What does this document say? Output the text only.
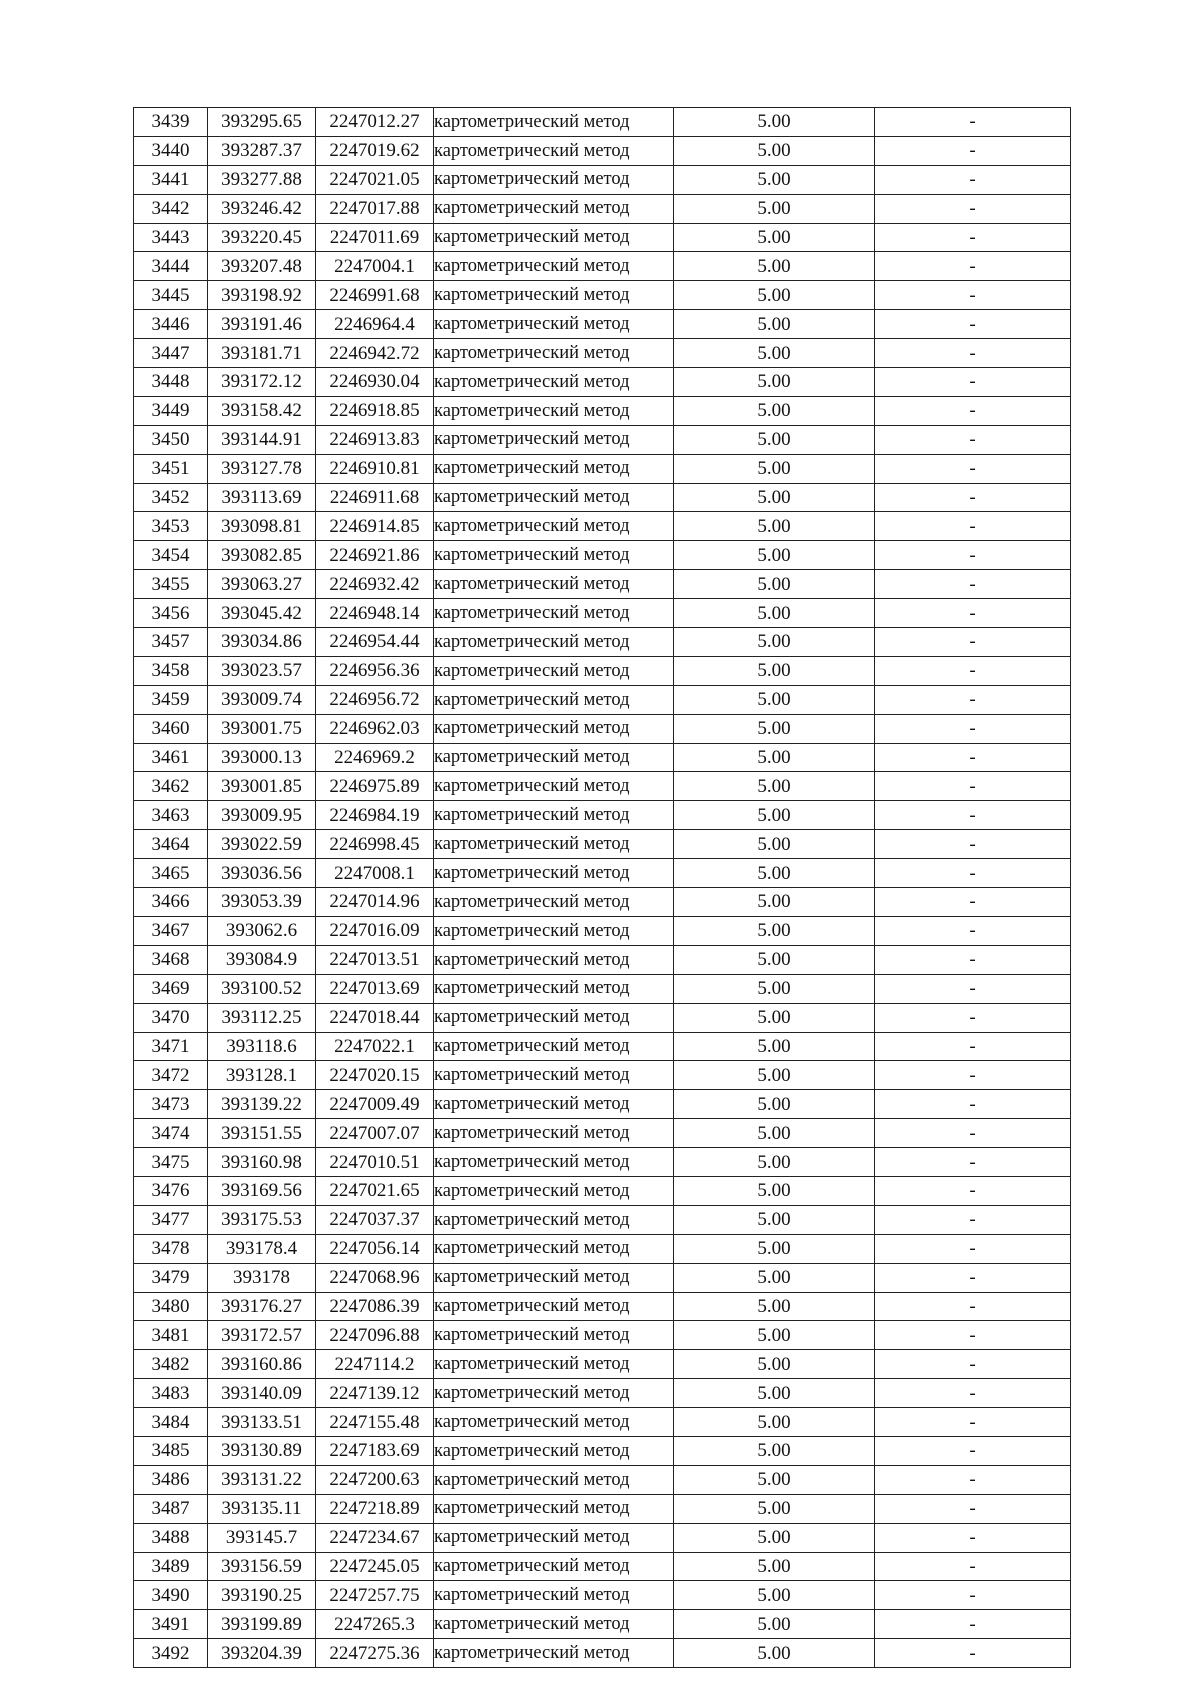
3439	393295.65	2247012.27	картометрический метод	5.00	-
3440	393287.37	2247019.62	картометрический метод	5.00	-
3441	393277.88	2247021.05	картометрический метод	5.00	-
3442	393246.42	2247017.88	картометрический метод	5.00	-
3443	393220.45	2247011.69	картометрический метод	5.00	-
3444	393207.48	2247004.1	картометрический метод	5.00	-
3445	393198.92	2246991.68	картометрический метод	5.00	-
3446	393191.46	2246964.4	картометрический метод	5.00	-
3447	393181.71	2246942.72	картометрический метод	5.00	-
3448	393172.12	2246930.04	картометрический метод	5.00	-
3449	393158.42	2246918.85	картометрический метод	5.00	-
3450	393144.91	2246913.83	картометрический метод	5.00	-
3451	393127.78	2246910.81	картометрический метод	5.00	-
3452	393113.69	2246911.68	картометрический метод	5.00	-
3453	393098.81	2246914.85	картометрический метод	5.00	-
3454	393082.85	2246921.86	картометрический метод	5.00	-
3455	393063.27	2246932.42	картометрический метод	5.00	-
3456	393045.42	2246948.14	картометрический метод	5.00	-
3457	393034.86	2246954.44	картометрический метод	5.00	-
3458	393023.57	2246956.36	картометрический метод	5.00	-
3459	393009.74	2246956.72	картометрический метод	5.00	-
3460	393001.75	2246962.03	картометрический метод	5.00	-
3461	393000.13	2246969.2	картометрический метод	5.00	-
3462	393001.85	2246975.89	картометрический метод	5.00	-
3463	393009.95	2246984.19	картометрический метод	5.00	-
3464	393022.59	2246998.45	картометрический метод	5.00	-
3465	393036.56	2247008.1	картометрический метод	5.00	-
3466	393053.39	2247014.96	картометрический метод	5.00	-
3467	393062.6	2247016.09	картометрический метод	5.00	-
3468	393084.9	2247013.51	картометрический метод	5.00	-
3469	393100.52	2247013.69	картометрический метод	5.00	-
3470	393112.25	2247018.44	картометрический метод	5.00	-
3471	393118.6	2247022.1	картометрический метод	5.00	-
3472	393128.1	2247020.15	картометрический метод	5.00	-
3473	393139.22	2247009.49	картометрический метод	5.00	-
3474	393151.55	2247007.07	картометрический метод	5.00	-
3475	393160.98	2247010.51	картометрический метод	5.00	-
3476	393169.56	2247021.65	картометрический метод	5.00	-
3477	393175.53	2247037.37	картометрический метод	5.00	-
3478	393178.4	2247056.14	картометрический метод	5.00	-
3479	393178	2247068.96	картометрический метод	5.00	-
3480	393176.27	2247086.39	картометрический метод	5.00	-
3481	393172.57	2247096.88	картометрический метод	5.00	-
3482	393160.86	2247114.2	картометрический метод	5.00	-
3483	393140.09	2247139.12	картометрический метод	5.00	-
3484	393133.51	2247155.48	картометрический метод	5.00	-
3485	393130.89	2247183.69	картометрический метод	5.00	-
3486	393131.22	2247200.63	картометрический метод	5.00	-
3487	393135.11	2247218.89	картометрический метод	5.00	-
3488	393145.7	2247234.67	картометрический метод	5.00	-
3489	393156.59	2247245.05	картометрический метод	5.00	-
3490	393190.25	2247257.75	картометрический метод	5.00	-
3491	393199.89	2247265.3	картометрический метод	5.00	-
3492	393204.39	2247275.36	картометрический метод	5.00	-
